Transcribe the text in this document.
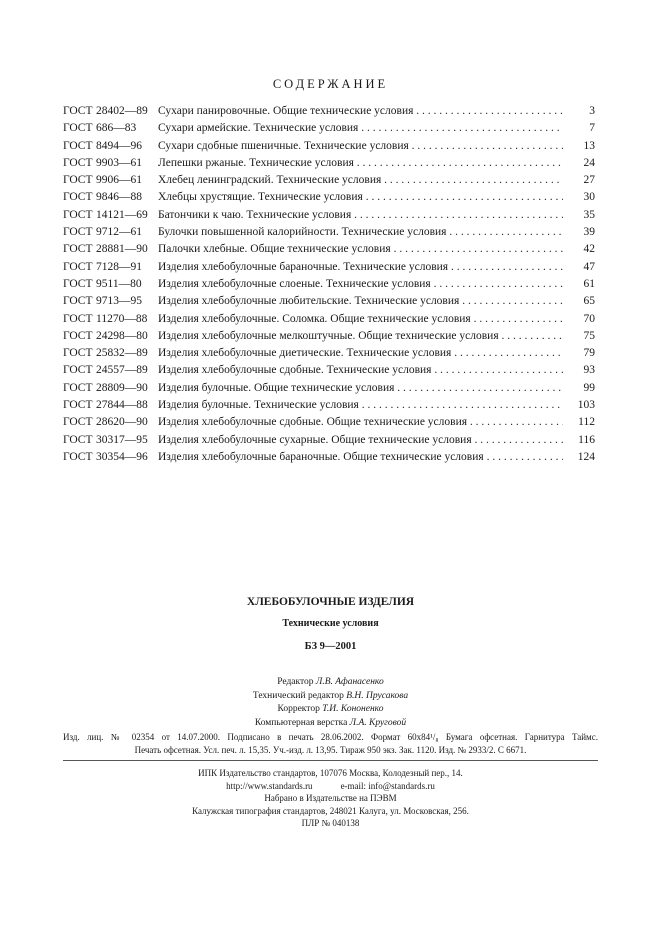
СОДЕРЖАНИЕ
ГОСТ 28402—89 Сухари панировочные. Общие технические условия . . .	3
ГОСТ 686—83 Сухари армейские. Технические условия . . .	7
ГОСТ 8494—96 Сухари сдобные пшеничные. Технические условия . . .	13
ГОСТ 9903—61 Лепешки ржаные. Технические условия . . .	24
ГОСТ 9906—61 Хлебец ленинградский. Технические условия . . .	27
ГОСТ 9846—88 Хлебцы хрустящие. Технические условия . . .	30
ГОСТ 14121—69 Батончики к чаю. Технические условия . . .	35
ГОСТ 9712—61 Булочки повышенной калорийности. Технические условия . . .	39
ГОСТ 28881—90 Палочки хлебные. Общие технические условия . . .	42
ГОСТ 7128—91 Изделия хлебобулочные бараночные. Технические условия . . .	47
ГОСТ 9511—80 Изделия хлебобулочные слоеные. Технические условия . . .	61
ГОСТ 9713—95 Изделия хлебобулочные любительские. Технические условия . . .	65
ГОСТ 11270—88 Изделия хлебобулочные. Соломка. Общие технические условия . . .	70
ГОСТ 24298—80 Изделия хлебобулочные мелкоштучные. Общие технические условия . . .	75
ГОСТ 25832—89 Изделия хлебобулочные диетические. Технические условия . . .	79
ГОСТ 24557—89 Изделия хлебобулочные сдобные. Технические условия . . .	93
ГОСТ 28809—90 Изделия булочные. Общие технические условия . . .	99
ГОСТ 27844—88 Изделия булочные. Технические условия . . .	103
ГОСТ 28620—90 Изделия хлебобулочные сдобные. Общие технические условия . . .	112
ГОСТ 30317—95 Изделия хлебобулочные сухарные. Общие технические условия . . .	116
ГОСТ 30354—96 Изделия хлебобулочные бараночные. Общие технические условия . . .	124
ХЛЕБОБУЛОЧНЫЕ ИЗДЕЛИЯ
Технические условия
БЗ 9—2001
Редактор Л.В. Афанасенко
Технический редактор В.Н. Прусакова
Корректор Т.И. Кононенко
Компьютерная верстка Л.А. Круговой
Изд. лиц. № 02354 от 14.07.2000. Подписано в печать 28.06.2002. Формат 60х84¹/₈ Бумага офсетная. Гарнитура Таймс.
Печать офсетная. Усл. печ. л. 15,35. Уч.-изд. л. 13,95. Тираж 950 экз. Зак. 1120. Изд. № 2933/2. С 6671.
ИПК Издательство стандартов, 107076 Москва, Колодезный пер., 14.
http://www.standards.ru	e-mail: info@standards.ru
Набрано в Издательстве на ПЭВМ
Калужская типография стандартов, 248021 Калуга, ул. Московская, 256.
ПЛР № 040138
